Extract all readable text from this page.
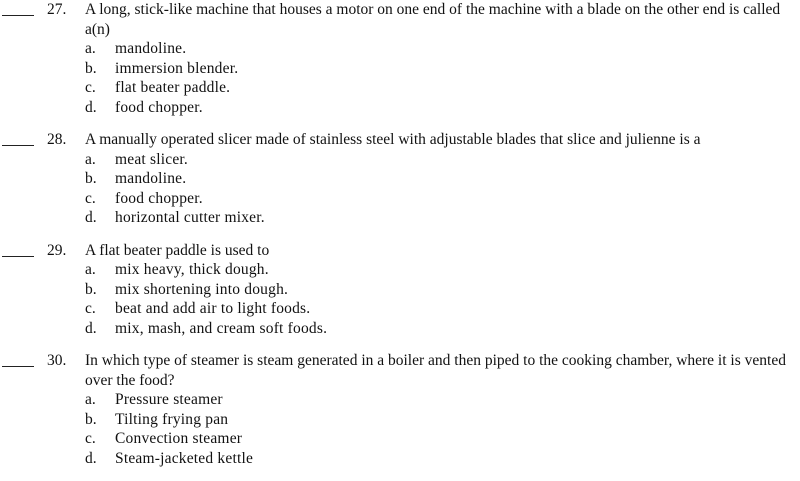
27. A long, stick-like machine that houses a motor on one end of the machine with a blade on the other end is called a(n)
a. mandoline.
b. immersion blender.
c. flat beater paddle.
d. food chopper.
28. A manually operated slicer made of stainless steel with adjustable blades that slice and julienne is a
a. meat slicer.
b. mandoline.
c. food chopper.
d. horizontal cutter mixer.
29. A flat beater paddle is used to
a. mix heavy, thick dough.
b. mix shortening into dough.
c. beat and add air to light foods.
d. mix, mash, and cream soft foods.
30. In which type of steamer is steam generated in a boiler and then piped to the cooking chamber, where it is vented over the food?
a. Pressure steamer
b. Tilting frying pan
c. Convection steamer
d. Steam-jacketed kettle
